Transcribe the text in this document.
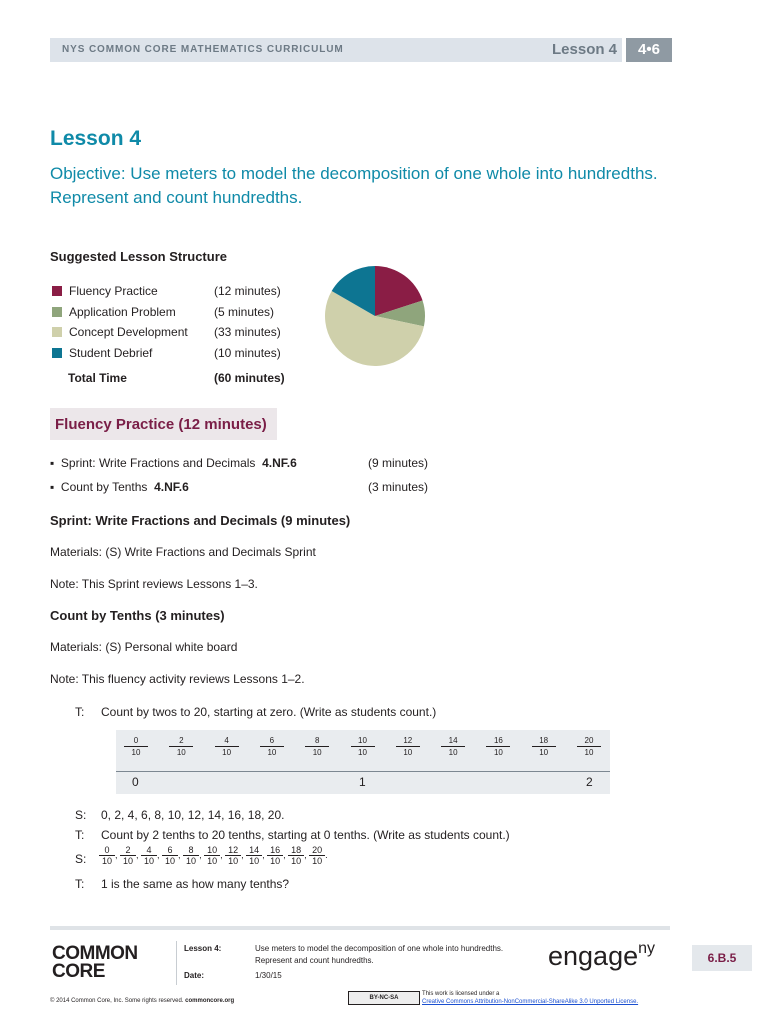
NYS COMMON CORE MATHEMATICS CURRICULUM	Lesson 4	4•6
Lesson 4
Objective: Use meters to model the decomposition of one whole into hundredths. Represent and count hundredths.
Suggested Lesson Structure
Fluency Practice	(12 minutes)
Application Problem	(5 minutes)
Concept Development (33 minutes)
Student Debrief	(10 minutes)
Total Time	(60 minutes)
Fluency Practice (12 minutes)
▪  Sprint: Write Fractions and Decimals 4.NF.6	(9 minutes)
▪  Count by Tenths 4.NF.6	(3 minutes)
Sprint: Write Fractions and Decimals (9 minutes)
Materials: (S) Write Fractions and Decimals Sprint
Note: This Sprint reviews Lessons 1–3.
Count by Tenths (3 minutes)
Materials: (S) Personal white board
Note: This fluency activity reviews Lessons 1–2.
T: Count by twos to 20, starting at zero. (Write as students count.)
$\frac{0}{10}$	$\frac{2}{10}$	$\frac{4}{10}$	$\frac{6}{10}$	$\frac{8}{10}$	$\frac{10}{10}$	$\frac{12}{10}$	$\frac{14}{10}$	$\frac{16}{10}$	$\frac{18}{10}$	$\frac{20}{10}$
0	1	2
S: 0, 2, 4, 6, 8, 10, 12, 14, 16, 18, 20.
T: Count by 2 tenths to 20 tenths, starting at 0 tenths. (Write as students count.)
S: $\frac{0}{10}$ , $\frac{2}{10}$ , $\frac{4}{10}$ , $\frac{6}{10}$ , $\frac{8}{10}$ , $\frac{10}{10}$ , $\frac{12}{10}$ , $\frac{14}{10}$ , $\frac{16}{10}$ , $\frac{18}{10}$ , $\frac{20}{10}$ .
T: 1 is the same as how many tenths?
COMMON
CORE
Lesson 4:	Use meters to model the decomposition of one whole into hundredths.
Represent and count hundredths.
Date:	1/30/15
engage$^{ny}$
6.B.5
© 2014 Common Core, Inc. Some rights reserved. commoncore.org	BY-NC-SA
This work is licensed under a
Creative Commons Attribution-NonCommercial-ShareAlike 3.0 Unported License.
